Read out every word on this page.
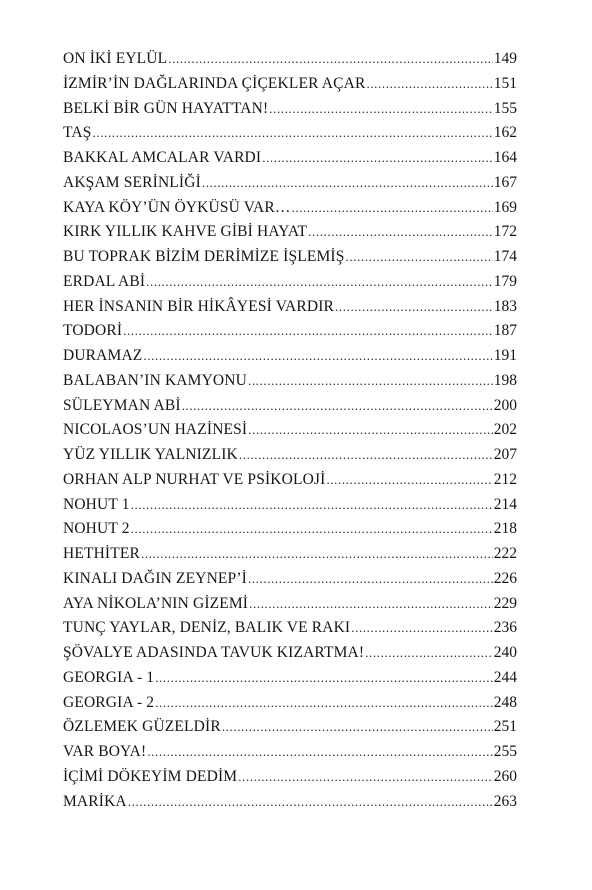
ON İKİ EYLÜL .....	149
İZMİR’İN DAĞLARINDA ÇİÇEKLER AÇAR .....	151
BELKİ BİR GÜN HAYATTAN! .....	155
TAŞ .....	162
BAKKAL AMCALAR VARDI .....	164
AKŞAM SERİNLİĞİ .....	167
KAYA KÖY’ÜN ÖYKÜSÜ VAR… .....	169
KIRK YILLIK KAHVE GİBİ HAYAT .....	172
BU TOPRAK BİZİM DERİMİZE İŞLEMİŞ .....	174
ERDAL ABİ .....	179
HER İNSANIN BİR HİKÂYESİ VARDIR .....	183
TODORİ .....	187
DURAMAZ .....	191
BALABAN’IN KAMYONU .....	198
SÜLEYMAN ABİ .....	200
NICOLAOS’UN HAZİNESİ .....	202
YÜZ YILLIK YALNIZLIK .....	207
ORHAN ALP NURHAT VE PSİKOLOJİ .....	212
NOHUT 1 .....	214
NOHUT 2 .....	218
HETHİTER .....	222
KINALI DAĞIN ZEYNEP’İ .....	226
AYA NİKOLA’NIN GİZEMİ .....	229
TUNÇ YAYLAR, DENİZ, BALIK VE RAKI .....	236
ŞÖVALYE ADASINDA TAVUK KIZARTMA! .....	240
GEORGIA - 1 .....	244
GEORGIA - 2 .....	248
ÖZLEMEK GÜZELDİR .....	251
VAR BOYA! .....	255
İÇİMİ DÖKEYİM DEDİM .....	260
MARİKA .....	263
